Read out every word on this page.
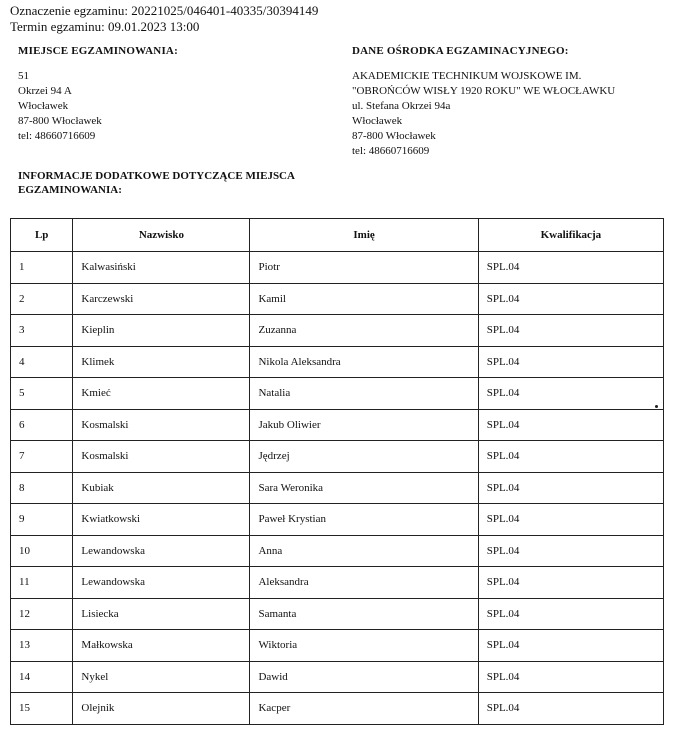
Oznaczenie egzaminu: 20221025/046401-40335/30394149
Termin egzaminu: 09.01.2023 13:00
MIEJSCE EGZAMINOWANIA:
51
Okrzei 94 A
Włocławek
87-800 Włocławek
tel: 48660716609
DANE OŚRODKA EGZAMINACYJNEGO:
AKADEMICKIE TECHNIKUM WOJSKOWE IM.
"OBROŃCÓW WISŁY 1920 ROKU" WE WŁOCŁAWKU
ul. Stefana Okrzei 94a
Włocławek
87-800 Włocławek
tel: 48660716609
INFORMACJE DODATKOWE DOTYCZĄCE MIEJSCA EGZAMINOWANIA:
Lp	Nazwisko	Imię	Kwalifikacja
1	Kalwasiński	Piotr	SPL.04
2	Karczewski	Kamil	SPL.04
3	Kieplin	Zuzanna	SPL.04
4	Klimek	Nikola Aleksandra	SPL.04
5	Kmieć	Natalia	SPL.04
6	Kosmalski	Jakub Oliwier	SPL.04
7	Kosmalski	Jędrzej	SPL.04
8	Kubiak	Sara Weronika	SPL.04
9	Kwiatkowski	Paweł Krystian	SPL.04
10	Lewandowska	Anna	SPL.04
11	Lewandowska	Aleksandra	SPL.04
12	Lisiecka	Samanta	SPL.04
13	Małkowska	Wiktoria	SPL.04
14	Nykel	Dawid	SPL.04
15	Olejnik	Kacper	SPL.04
